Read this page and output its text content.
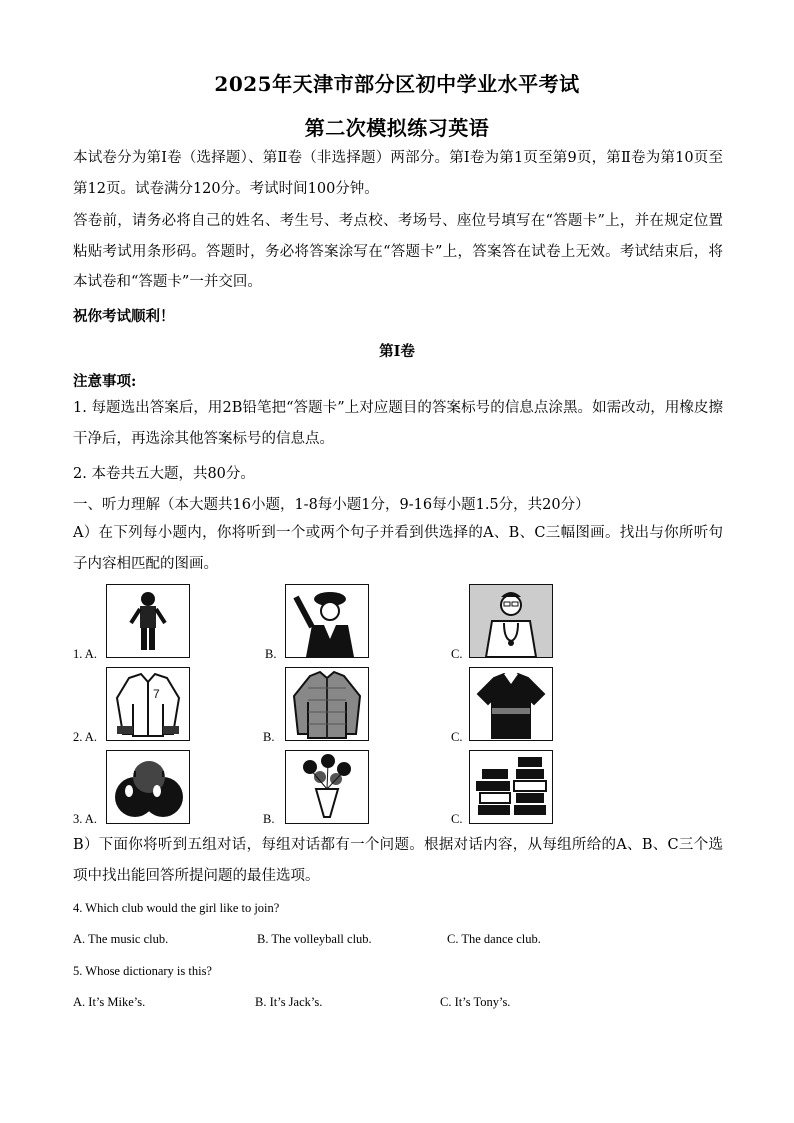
2025年天津市部分区初中学业水平考试
第二次模拟练习英语
本试卷分为第Ⅰ卷（选择题）、第Ⅱ卷（非选择题）两部分。第Ⅰ卷为第1页至第9页，第Ⅱ卷为第10页至第12页。试卷满分120分。考试时间100分钟。
答卷前，请务必将自己的姓名、考生号、考点校、考场号、座位号填写在“答题卡”上，并在规定位置粘贴考试用条形码。答题时，务必将答案涂写在“答题卡”上，答案答在试卷上无效。考试结束后，将本试卷和“答题卡”一并交回。
祝你考试顺利！
第Ⅰ卷
注意事项:
1. 每题选出答案后，用2B铅笔把“答题卡”上对应题目的答案标号的信息点涂黑。如需改动，用橡皮擦干净后，再选涂其他答案标号的信息点。
2. 本卷共五大题，共80分。
一、听力理解（本大题共16小题，1-8每小题1分，9-16每小题1.5分，共20分）
A）在下列每小题内，你将听到一个或两个句子并看到供选择的A、B、C三幅图画。找出与你所听句子内容相匹配的图画。
1. A.	B.	C.
2. A.
7
B.	C.
3. A.	B.	C.
B）下面你将听到五组对话，每组对话都有一个问题。根据对话内容，从每组所给的A、B、C三个选项中找出能回答所提问题的最佳选项。
4. Which club would the girl like to join?
A. The music club.	B. The volleyball club.	C. The dance club.
5. Whose dictionary is this?
A. It’s Mike’s.	B. It’s Jack’s.	C. It’s Tony’s.
